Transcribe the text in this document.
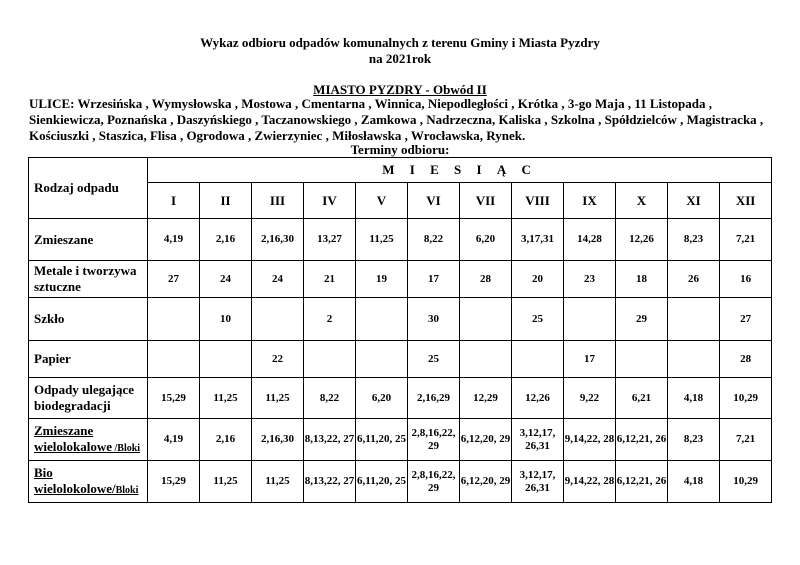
Wykaz odbioru odpadów komunalnych z terenu Gminy i Miasta Pyzdry
na 2021rok
MIASTO PYZDRY - Obwód II
ULICE: Wrzesińska , Wymysłowska , Mostowa , Cmentarna , Winnica, Niepodległości , Krótka , 3-go Maja , 11 Listopada , Sienkiewicza, Poznańska , Daszyńskiego , Taczanowskiego , Zamkowa , Nadrzeczna, Kaliska , Szkolna , Spółdzielców , Magistracka , Kościuszki , Staszica, Flisa , Ogrodowa , Zwierzyniec , Miłosławska , Wrocławska, Rynek.
Terminy odbioru:
Rodzaj odpadu	M I E S I Ą C											
	I	II	III	IV	V	VI	VII	VIII	IX	X	XI	XII
Zmieszane	4,19	2,16	2,16,30	13,27	11,25	8,22	6,20	3,17,31	14,28	12,26	8,23	7,21
Metale i tworzywa sztuczne	27	24	24	21	19	17	28	20	23	18	26	16
Szkło		10		2		30		25		29		27
Papier			22			25			17			28
Odpady ulegające biodegradacji	15,29	11,25	11,25	8,22	6,20	2,16,29	12,29	12,26	9,22	6,21	4,18	10,29
Zmieszane
wielolokalowe /Bloki	4,19	2,16	2,16,30	8,13,22, 27	6,11,20, 25	2,8,16,22, 29	6,12,20, 29	3,12,17, 26,31	9,14,22, 28	6,12,21, 26	8,23	7,21
Bio
wielolokolowe/Bloki	15,29	11,25	11,25	8,13,22, 27	6,11,20, 25	2,8,16,22, 29	6,12,20, 29	3,12,17, 26,31	9,14,22, 28	6,12,21, 26	4,18	10,29
